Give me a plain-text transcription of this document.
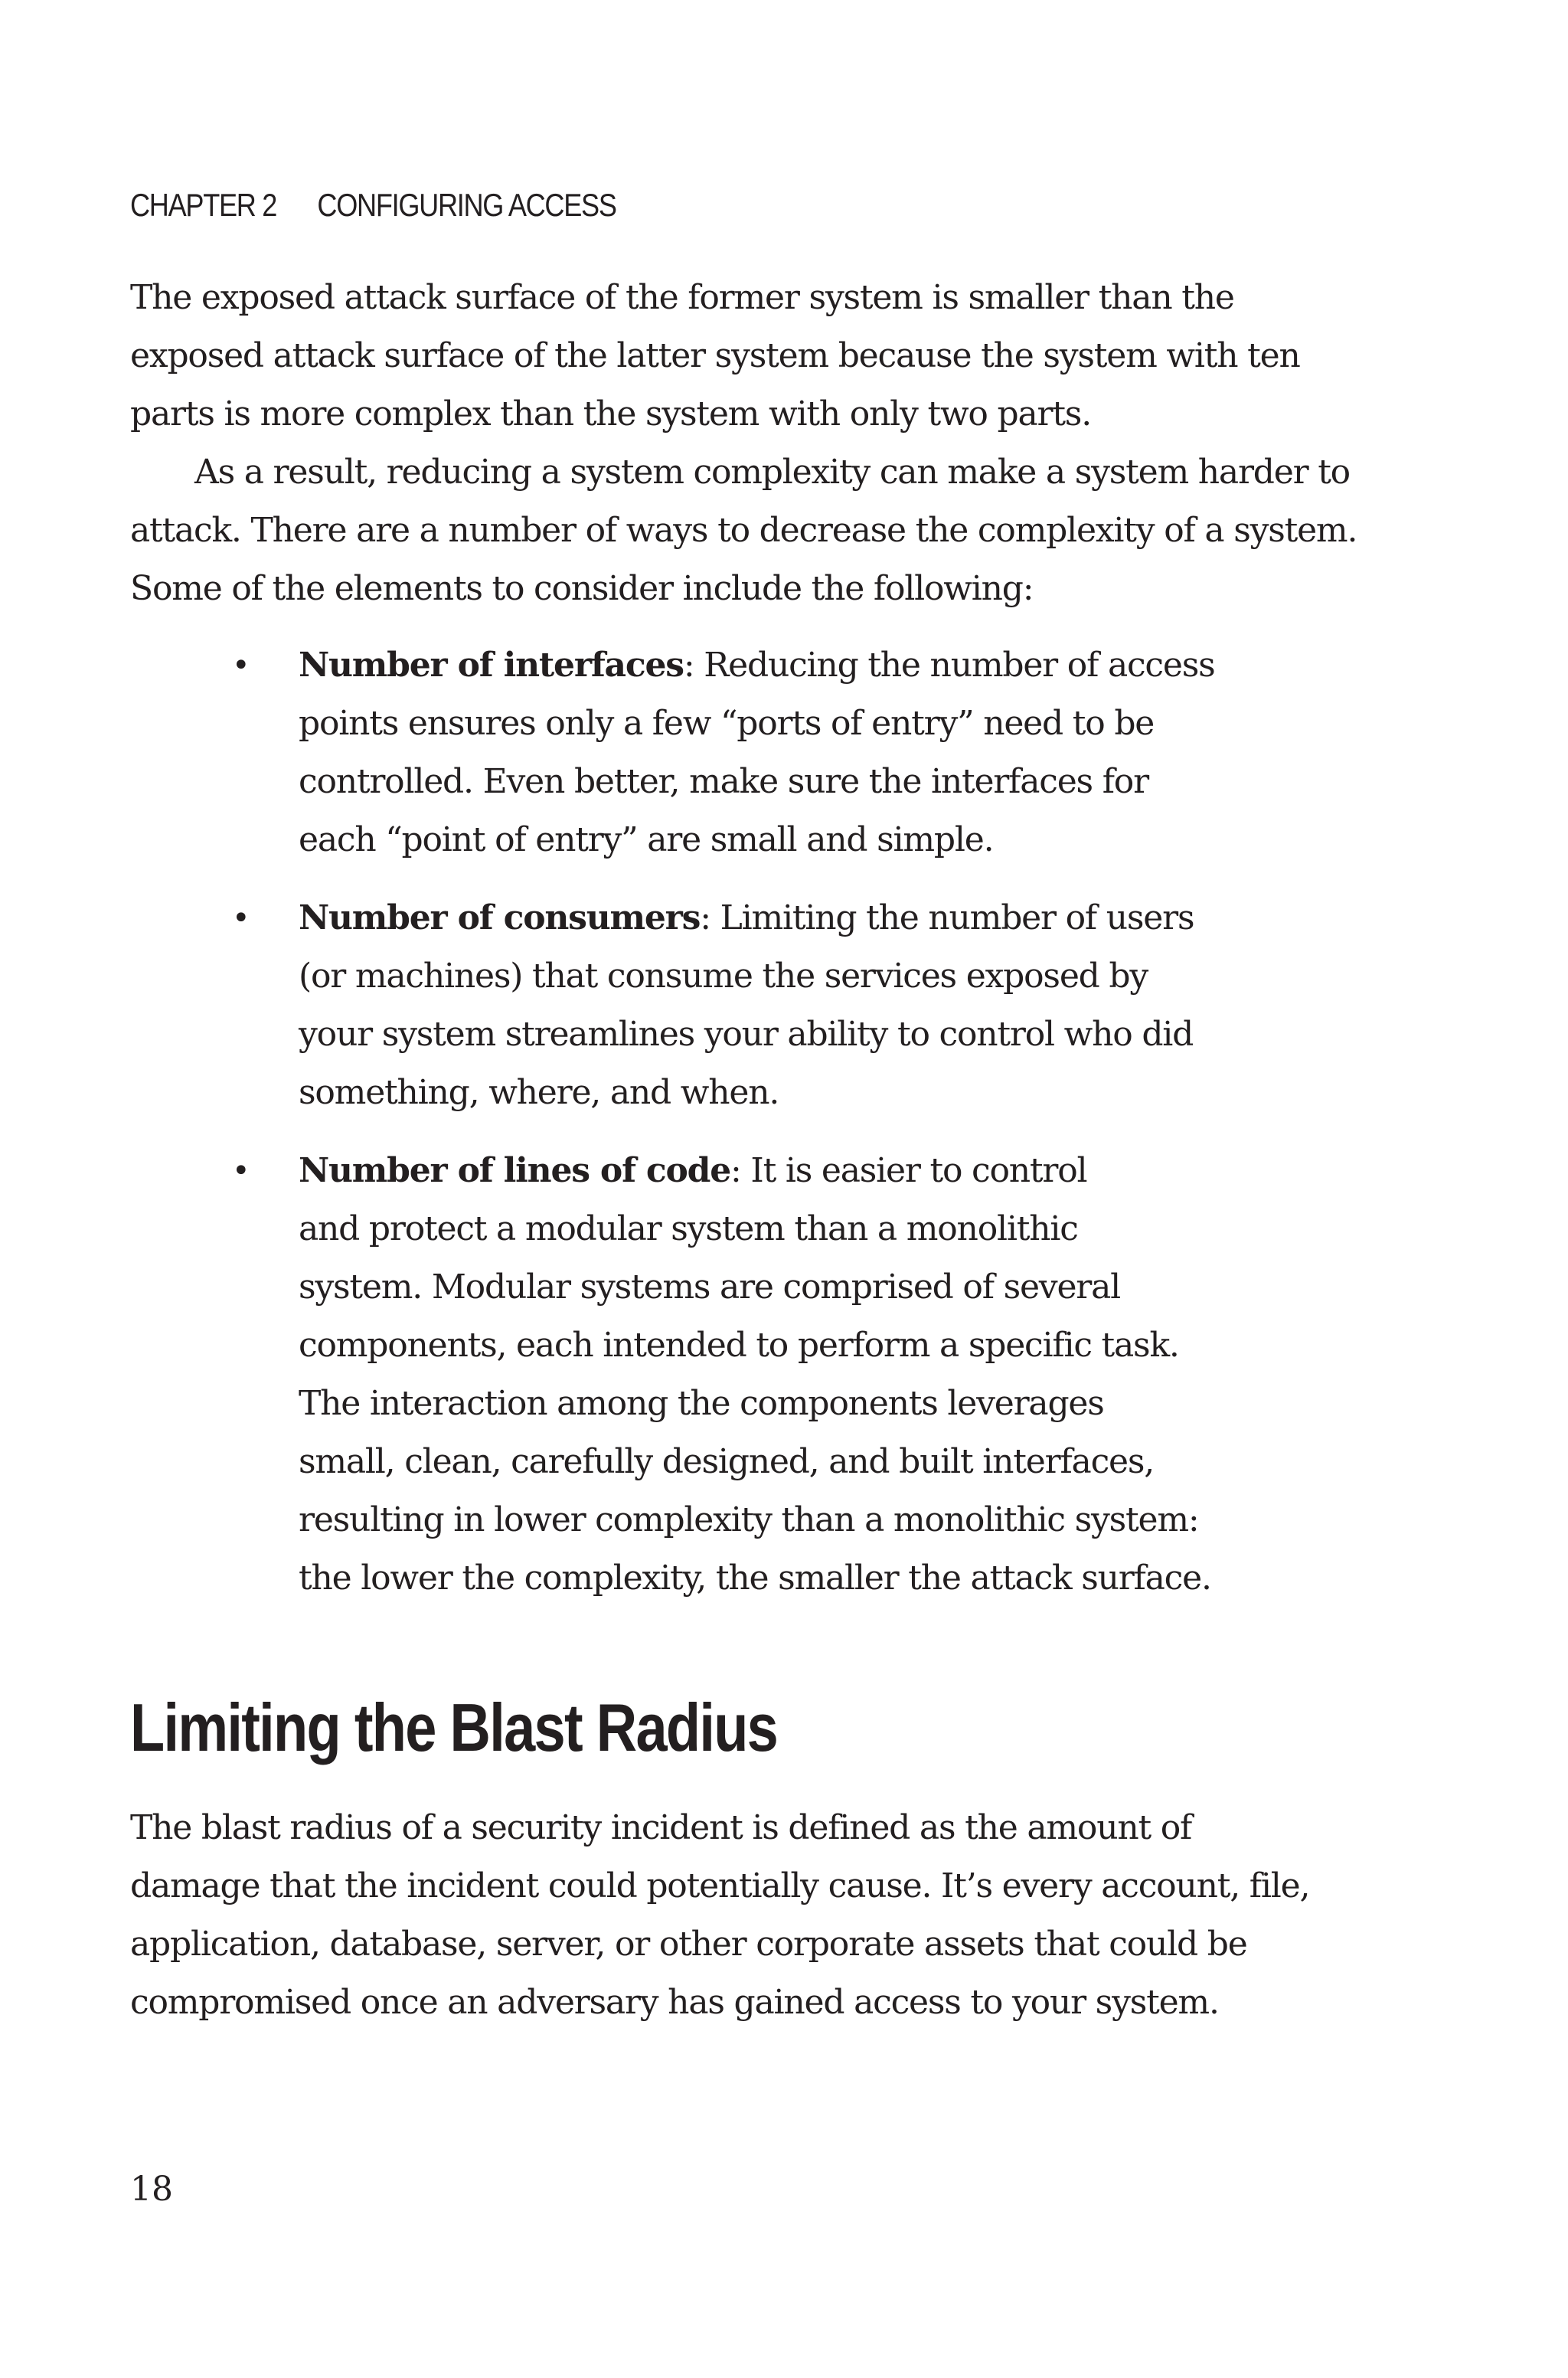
CHAPTER 2 CONFIGURING ACCESS
The exposed attack surface of the former system is smaller than the
exposed attack surface of the latter system because the system with ten
parts is more complex than the system with only two parts.
As a result, reducing a system complexity can make a system harder to
attack. There are a number of ways to decrease the complexity of a system.
Some of the elements to consider include the following:
• Number of interfaces: Reducing the number of access
points ensures only a few “ports of entry” need to be
controlled. Even better, make sure the interfaces for
each “point of entry” are small and simple.
• Number of consumers: Limiting the number of users
(or machines) that consume the services exposed by
your system streamlines your ability to control who did
something, where, and when.
• Number of lines of code: It is easier to control
and protect a modular system than a monolithic
system. Modular systems are comprised of several
components, each intended to perform a specific task.
The interaction among the components leverages
small, clean, carefully designed, and built interfaces,
resulting in lower complexity than a monolithic system:
the lower the complexity, the smaller the attack surface.
Limiting the Blast Radius
The blast radius of a security incident is defined as the amount of
damage that the incident could potentially cause. It’s every account, file,
application, database, server, or other corporate assets that could be
compromised once an adversary has gained access to your system.
18
